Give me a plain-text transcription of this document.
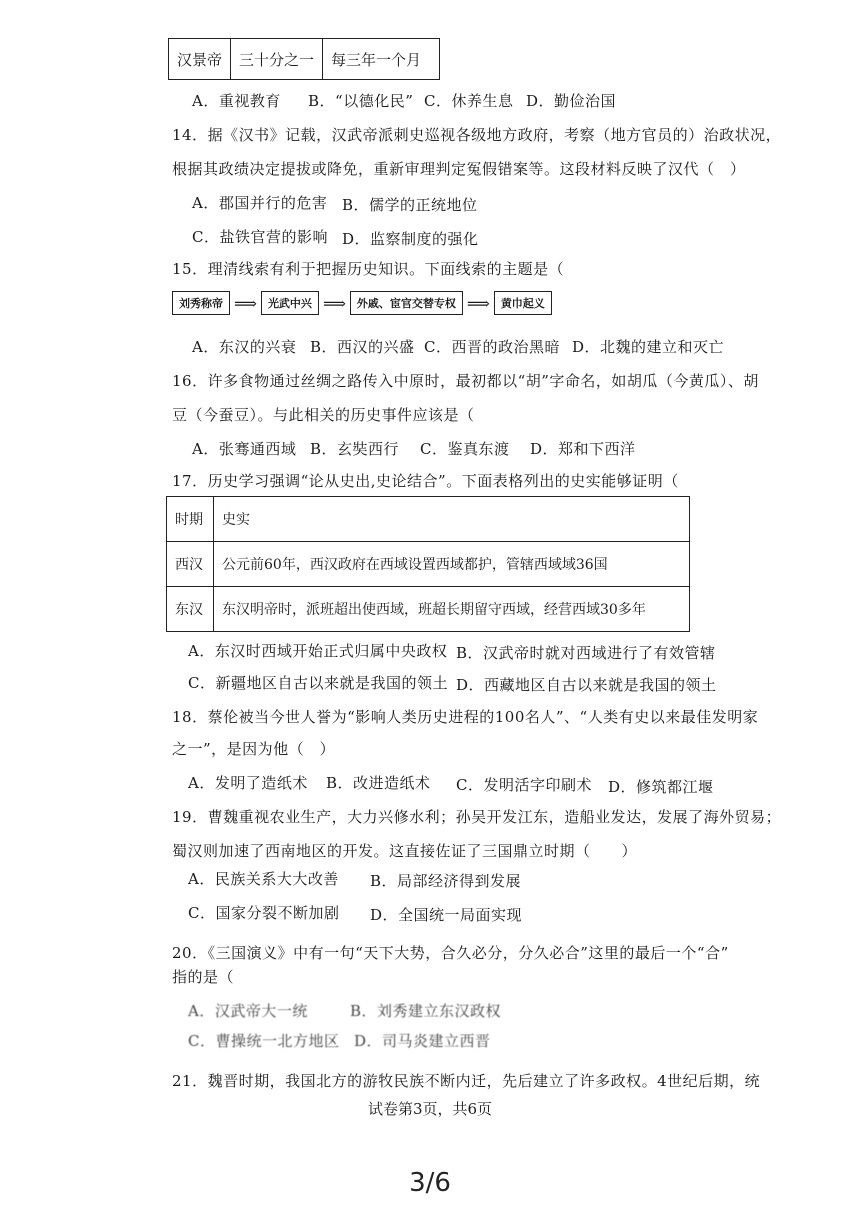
汉景帝	三十分之一	每三年一个月
A．重视教育 B．“以德化民” C．休养生息 D．勤俭治国
14．据《汉书》记载，汉武帝派刺史巡视各级地方政府，考察（地方官员的）治政状况，
根据其政绩决定提拔或降免，重新审理判定冤假错案等。这段材料反映了汉代（　）
A．郡国并行的危害 B．儒学的正统地位
C．盐铁官营的影响 D．监察制度的强化
15．理清线索有利于把握历史知识。下面线索的主题是（
刘秀称帝 ⟹	光武中兴 ⟹	外戚、宦官交替专权 ⟹	黄巾起义
A．东汉的兴衰 B．西汉的兴盛 C．西晋的政治黑暗 D．北魏的建立和灭亡
16．许多食物通过丝绸之路传入中原时，最初都以“胡”字命名，如胡瓜（今黄瓜）、胡
豆（今蚕豆）。与此相关的历史事件应该是（
A．张骞通西域 B．玄奘西行 C．鉴真东渡 D．郑和下西洋
17．历史学习强调“论从史出,史论结合”。下面表格列出的史实能够证明（
时期	史实
西汉	公元前60年，西汉政府在西域设置西域都护，管辖西域域36国
东汉	东汉明帝时，派班超出使西域，班超长期留守西域，经营西域30多年
A．东汉时西域开始正式归属中央政权 B．汉武帝时就对西域进行了有效管辖
C．新疆地区自古以来就是我国的领土 D．西藏地区自古以来就是我国的领土
18．蔡伦被当今世人誉为“影响人类历史进程的100名人”、“人类有史以来最佳发明家
之一”，是因为他（　）
A．发明了造纸术 B．改进造纸术 C．发明活字印刷术 D．修筑都江堰
19．曹魏重视农业生产，大力兴修水利；孙吴开发江东，造船业发达，发展了海外贸易；
蜀汉则加速了西南地区的开发。这直接佐证了三国鼎立时期（　　）
A．民族关系大大改善 B．局部经济得到发展
C．国家分裂不断加剧 D．全国统一局面实现
20．《三国演义》中有一句“天下大势，合久必分，分久必合”这里的最后一个“合”
指的是（
A．汉武帝大一统	B．刘秀建立东汉政权
C．曹操统一北方地区 D．司马炎建立西晋
21．魏晋时期，我国北方的游牧民族不断内迁，先后建立了许多政权。4世纪后期，统
试卷第3页，共6页
3/6
